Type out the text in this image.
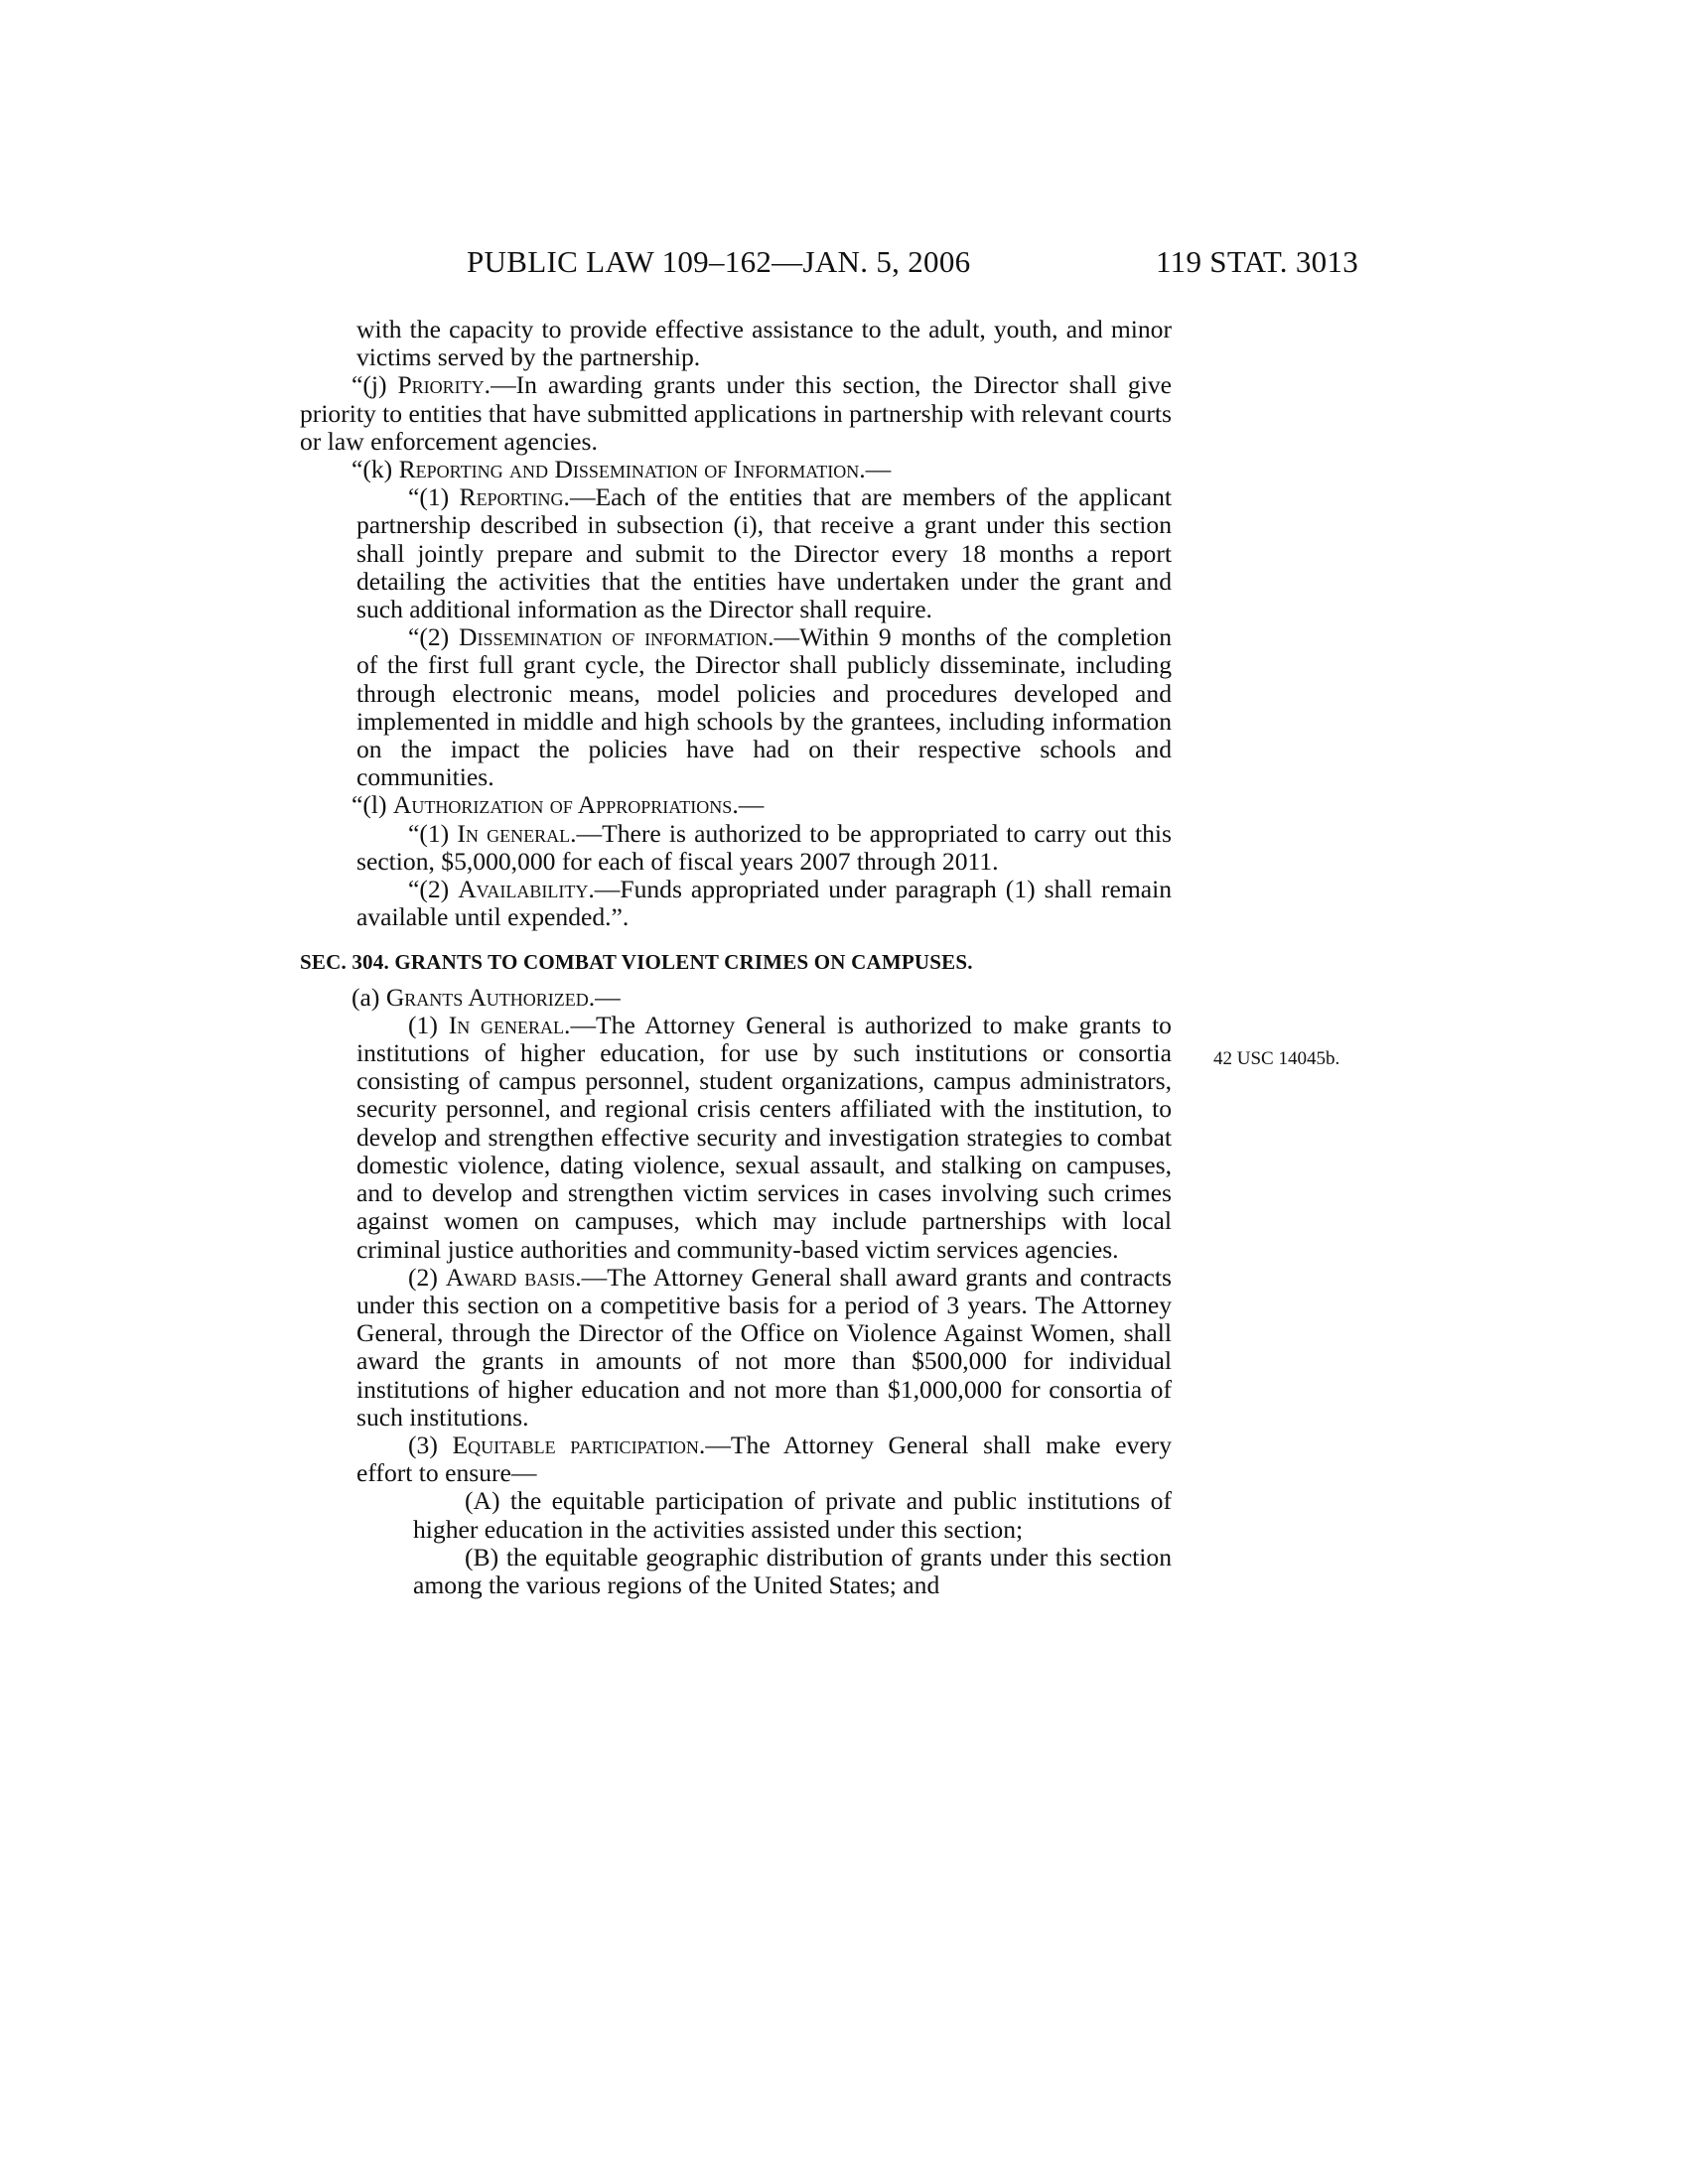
PUBLIC LAW 109–162—JAN. 5, 2006	119 STAT. 3013
42 USC 14045b.

with the capacity to provide effective assistance to the adult, youth, and minor victims served by the partnership.

“(j) Priority.—In awarding grants under this section, the Director shall give priority to entities that have submitted applications in partnership with relevant courts or law enforcement agencies.

“(k) Reporting and Dissemination of Information.—

“(1) Reporting.—Each of the entities that are members of the applicant partnership described in subsection (i), that receive a grant under this section shall jointly prepare and submit to the Director every 18 months a report detailing the activities that the entities have undertaken under the grant and such additional information as the Director shall require.

“(2) Dissemination of information.—Within 9 months of the completion of the first full grant cycle, the Director shall publicly disseminate, including through electronic means, model policies and procedures developed and implemented in middle and high schools by the grantees, including information on the impact the policies have had on their respective schools and communities.

“(l) Authorization of Appropriations.—

“(1) In general.—There is authorized to be appropriated to carry out this section, $5,000,000 for each of fiscal years 2007 through 2011.

“(2) Availability.—Funds appropriated under paragraph (1) shall remain available until expended.”.

SEC. 304. GRANTS TO COMBAT VIOLENT CRIMES ON CAMPUSES.

(a) Grants Authorized.—

(1) In general.—The Attorney General is authorized to make grants to institutions of higher education, for use by such institutions or consortia consisting of campus personnel, student organizations, campus administrators, security personnel, and regional crisis centers affiliated with the institution, to develop and strengthen effective security and investigation strategies to combat domestic violence, dating violence, sexual assault, and stalking on campuses, and to develop and strengthen victim services in cases involving such crimes against women on campuses, which may include partnerships with local criminal justice authorities and community-based victim services agencies.

(2) Award basis.—The Attorney General shall award grants and contracts under this section on a competitive basis for a period of 3 years. The Attorney General, through the Director of the Office on Violence Against Women, shall award the grants in amounts of not more than $500,000 for individual institutions of higher education and not more than $1,000,000 for consortia of such institutions.

(3) Equitable participation.—The Attorney General shall make every effort to ensure—

(A) the equitable participation of private and public institutions of higher education in the activities assisted under this section;

(B) the equitable geographic distribution of grants under this section among the various regions of the United States; and
